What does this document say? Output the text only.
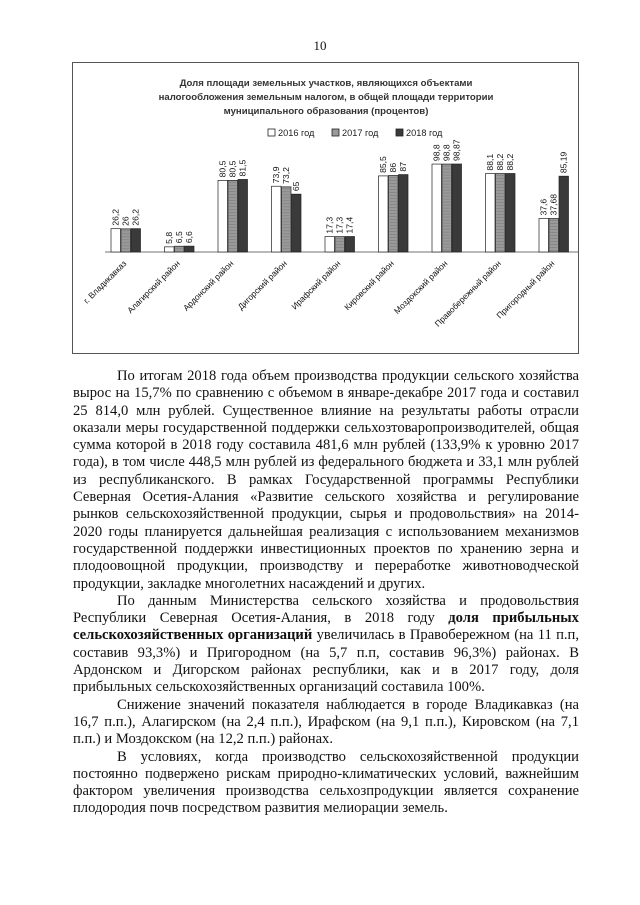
10
Доля площади земельных участков, являющихся объектами
налогообложения земельным налогом, в общей площади территории
муниципального образования (процентов)
2016 год	2017 год	2018 год
26,2 26 26,2
г. Владикавказ
5,8 6,5 6,6
Алагирский район
80,5 80,5 81,5
Ардонский район
73,9 73,2
65
Дигорский район
17,3 17,3 17,4
Ирафский район
85,5 86 87
Кировский район
98,8 98,8 98,87
Моздокский район
88,1 88,2 88,2
Правобережный район
37,6 37,68
85,19
Пригородный район

По итогам 2018 года объем производства продукции сельского хозяйства вырос на 15,7% по сравнению с объемом в январе-декабре 2017 года и составил 25 814,0 млн рублей. Существенное влияние на результаты работы отрасли оказали меры государственной поддержки сельхозтоваропроизводителей, общая сумма которой в 2018 году составила 481,6 млн рублей (133,9% к уровню 2017 года), в том числе 448,5 млн рублей из федерального бюджета и 33,1 млн рублей из республиканского. В рамках Государственной программы Республики Северная Осетия-Алания «Развитие сельского хозяйства и регулирование рынков сельскохозяйственной продукции, сырья и продовольствия» на 2014-2020 годы планируется дальнейшая реализация с использованием механизмов государственной поддержки инвестиционных проектов по хранению зерна и плодоовощной продукции, производству и переработке животноводческой продукции, закладке многолетних насаждений и других.

По данным Министерства сельского хозяйства и продовольствия Республики Северная Осетия-Алания, в 2018 году доля прибыльных сельскохозяйственных организаций увеличилась в Правобережном (на 11 п.п, составив 93,3%) и Пригородном (на 5,7 п.п, составив 96,3%) районах. В Ардонском и Дигорском районах республики, как и в 2017 году, доля прибыльных сельскохозяйственных организаций составила 100%.

Снижение значений показателя наблюдается в городе Владикавказ (на 16,7 п.п.), Алагирском (на 2,4 п.п.), Ирафском (на 9,1 п.п.), Кировском (на 7,1 п.п.) и Моздокском (на 12,2 п.п.) районах.

В условиях, когда производство сельскохозяйственной продукции постоянно подвержено рискам природно-климатических условий, важнейшим фактором увеличения производства сельхозпродукции является сохранение плодородия почв посредством развития мелиорации земель.
